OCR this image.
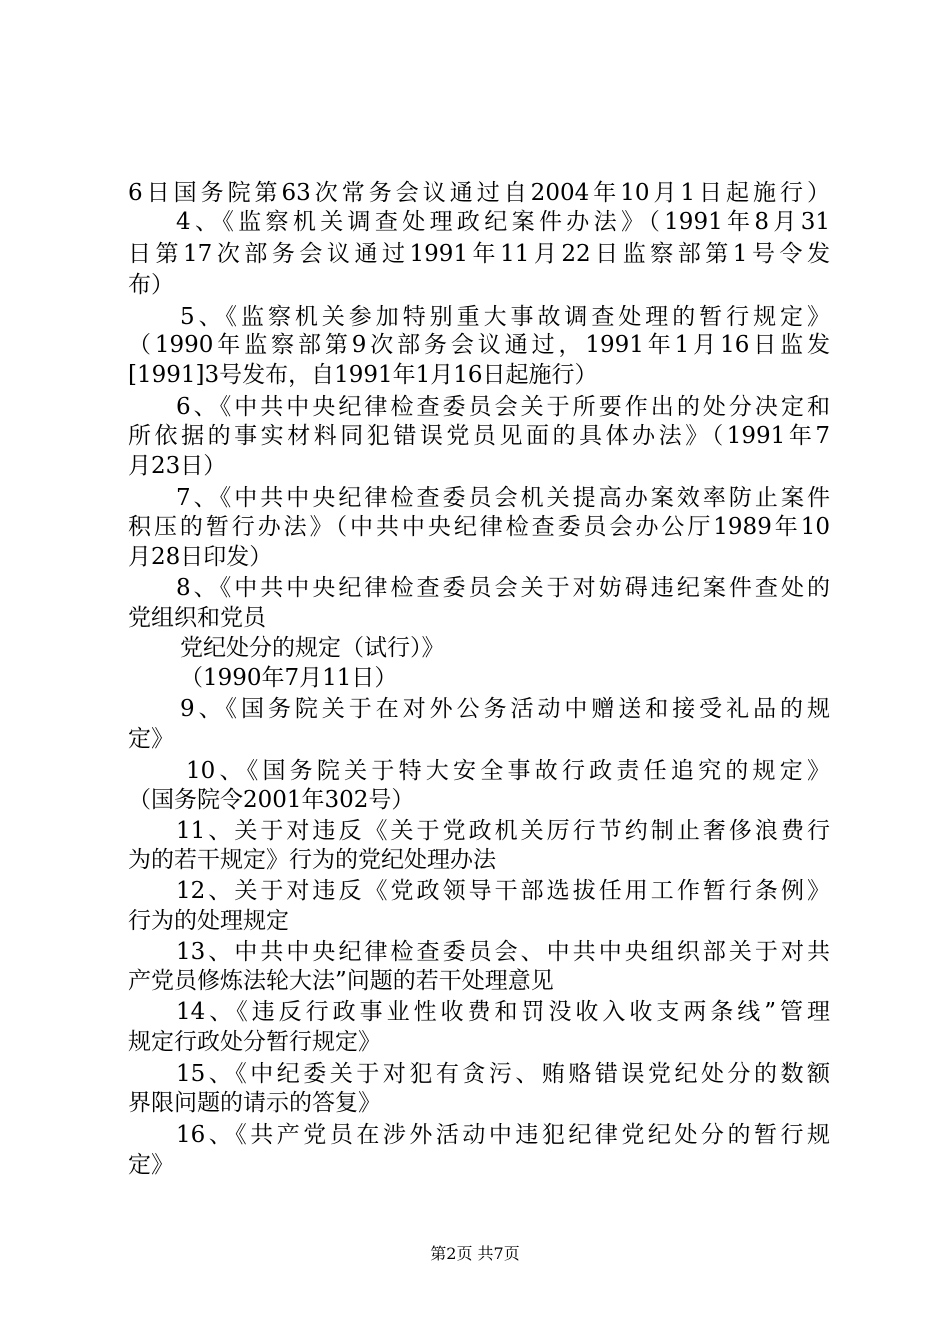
6日国务院第63次常务会议通过自2004年10月1日起施行）
4、《监察机关调查处理政纪案件办法》（1991年8月31
日第17次部务会议通过1991年11月22日监察部第1号令发
布）
5、《监察机关参加特别重大事故调查处理的暂行规定》
（1990年监察部第9次部务会议通过，1991年1月16日监发
[1991]3号发布，自1991年1月16日起施行）
6、《中共中央纪律检查委员会关于所要作出的处分决定和
所依据的事实材料同犯错误党员见面的具体办法》（1991年7
月23日）
7、《中共中央纪律检查委员会机关提高办案效率防止案件
积压的暂行办法》（中共中央纪律检查委员会办公厅1989年10
月28日印发）
8、《中共中央纪律检查委员会关于对妨碍违纪案件查处的
党组织和党员
党纪处分的规定（试行）》
（1990年7月11日）
9、《国务院关于在对外公务活动中赠送和接受礼品的规
定》
10、《国务院关于特大安全事故行政责任追究的规定》
（国务院令2001年302号）
11、关于对违反《关于党政机关厉行节约制止奢侈浪费行
为的若干规定》行为的党纪处理办法
12、关于对违反《党政领导干部选拔任用工作暂行条例》
行为的处理规定
13、中共中央纪律检查委员会、中共中央组织部关于对共
产党员修炼法轮大法”问题的若干处理意见
14、《违反行政事业性收费和罚没收入收支两条线”管理
规定行政处分暂行规定》
15、《中纪委关于对犯有贪污、贿赂错误党纪处分的数额
界限问题的请示的答复》
16、《共产党员在涉外活动中违犯纪律党纪处分的暂行规
定》
第2页 共7页
